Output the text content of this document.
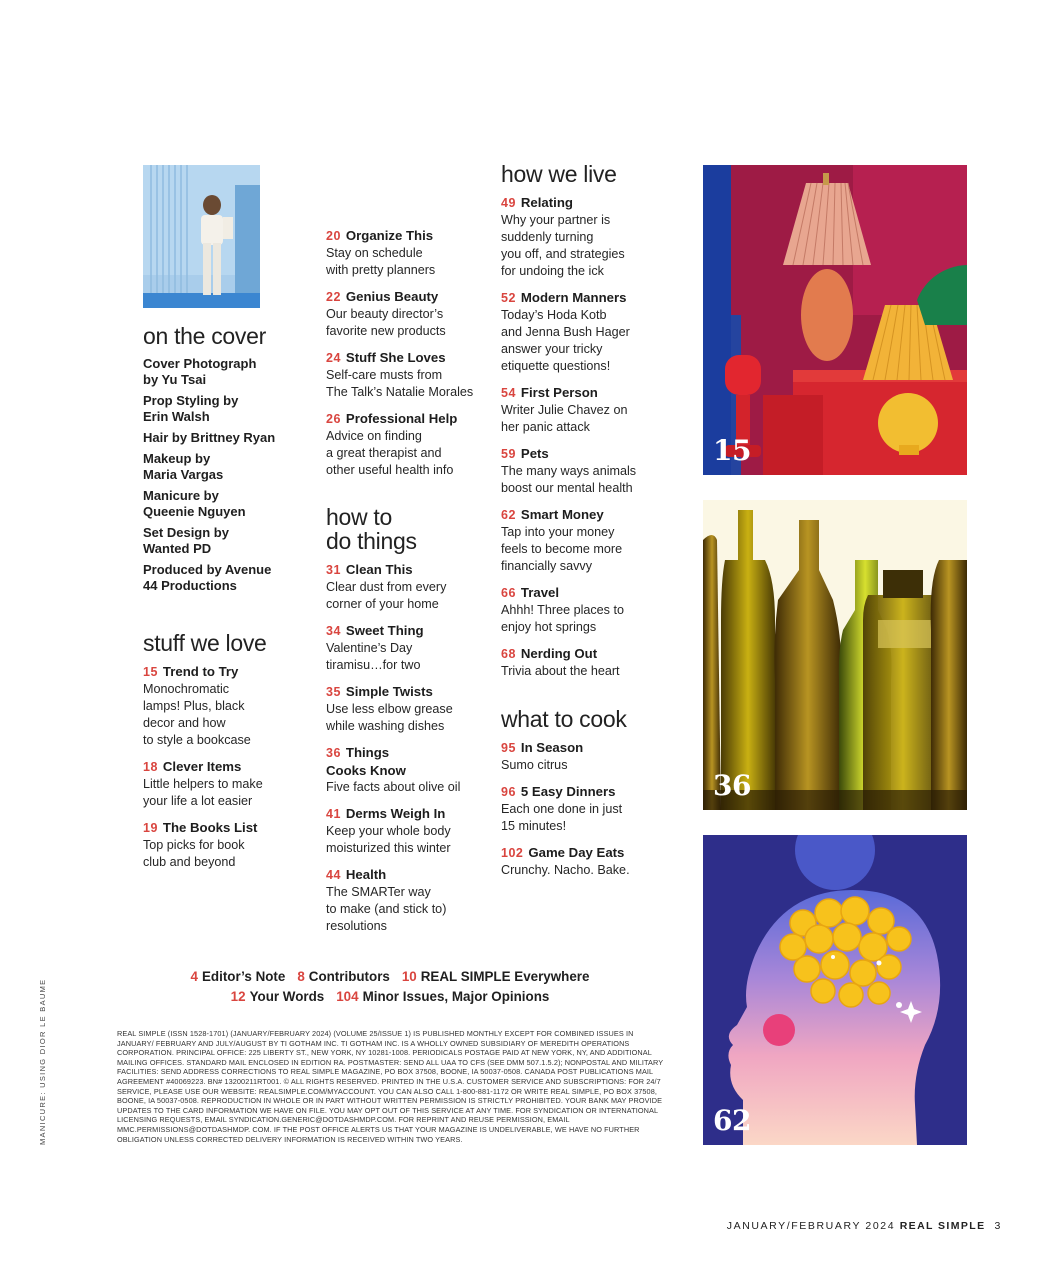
on the cover
Cover Photograph
by Yu Tsai
Prop Styling by
Erin Walsh
Hair by Brittney Ryan
Makeup by
Maria Vargas
Manicure by
Queenie Nguyen
Set Design by
Wanted PD
Produced by Avenue
44 Productions
stuff we love
15 Trend to Try
Monochromatic
lamps! Plus, black
decor and how
to style a bookcase
18 Clever Items
Little helpers to make
your life a lot easier
19 The Books List
Top picks for book
club and beyond
20 Organize This
Stay on schedule
with pretty planners
22 Genius Beauty
Our beauty director’s
favorite new products
24 Stuff She Loves
Self-care musts from
The Talk’s Natalie Morales
26 Professional Help
Advice on finding
a great therapist and
other useful health info
how to
do things
31 Clean This
Clear dust from every
corner of your home
34 Sweet Thing
Valentine’s Day
tiramisu…for two
35 Simple Twists
Use less elbow grease
while washing dishes
36 Things
Cooks Know
Five facts about olive oil
41 Derms Weigh In
Keep your whole body
moisturized this winter
44 Health
The SMARTer way
to make (and stick to)
resolutions
how we live
49 Relating
Why your partner is
suddenly turning
you off, and strategies
for undoing the ick
52 Modern Manners
Today’s Hoda Kotb
and Jenna Bush Hager
answer your tricky
etiquette questions!
54 First Person
Writer Julie Chavez on
her panic attack
59 Pets
The many ways animals
boost our mental health
62 Smart Money
Tap into your money
feels to become more
financially savvy
66 Travel
Ahhh! Three places to
enjoy hot springs
68 Nerding Out
Trivia about the heart
what to cook
95 In Season
Sumo citrus
96 5 Easy Dinners
Each one done in just
15 minutes!
102 Game Day Eats
Crunchy. Nacho. Bake.
15
36
62
4 Editor’s Note 8 Contributors 10 REAL SIMPLE Everywhere
12 Your Words 104 Minor Issues, Major Opinions
REAL SIMPLE (ISSN 1528-1701) (JANUARY/FEBRUARY 2024) (VOLUME 25/ISSUE 1) IS PUBLISHED MONTHLY EXCEPT FOR COMBINED ISSUES IN JANUARY/ FEBRUARY AND JULY/AUGUST BY TI GOTHAM INC. TI GOTHAM INC. IS A WHOLLY OWNED SUBSIDIARY OF MEREDITH OPERATIONS CORPORATION. PRINCIPAL OFFICE: 225 LIBERTY ST., NEW YORK, NY 10281-1008. PERIODICALS POSTAGE PAID AT NEW YORK, NY, AND ADDITIONAL MAILING OFFICES. STANDARD MAIL ENCLOSED IN EDITION RA. POSTMASTER: SEND ALL UAA TO CFS (SEE DMM 507.1.5.2); NONPOSTAL AND MILITARY FACILITIES: SEND ADDRESS CORRECTIONS TO REAL SIMPLE MAGAZINE, PO BOX 37508, BOONE, IA 50037-0508. CANADA POST PUBLICATIONS MAIL AGREEMENT #40069223. BN# 13200211RT001. © ALL RIGHTS RESERVED. PRINTED IN THE U.S.A. CUSTOMER SERVICE AND SUBSCRIPTIONS: FOR 24/7 SERVICE, PLEASE USE OUR WEBSITE: REALSIMPLE.COM/MYACCOUNT. YOU CAN ALSO CALL 1-800-881-1172 OR WRITE REAL SIMPLE, PO BOX 37508, BOONE, IA 50037-0508. REPRODUCTION IN WHOLE OR IN PART WITHOUT WRITTEN PERMISSION IS STRICTLY PROHIBITED. YOUR BANK MAY PROVIDE UPDATES TO THE CARD INFORMATION WE HAVE ON FILE. YOU MAY OPT OUT OF THIS SERVICE AT ANY TIME. FOR SYNDICATION OR INTERNATIONAL LICENSING REQUESTS, EMAIL SYNDICATION.GENERIC@DOTDASHMDP.COM. FOR REPRINT AND REUSE PERMISSION, EMAIL MMC.PERMISSIONS@DOTDASHMDP. COM. IF THE POST OFFICE ALERTS US THAT YOUR MAGAZINE IS UNDELIVERABLE, WE HAVE NO FURTHER OBLIGATION UNLESS CORRECTED DELIVERY INFORMATION IS RECEIVED WITHIN TWO YEARS.
MANICURE: USING DIOR LE BAUME
JANUARY/FEBRUARY 2024 REAL SIMPLE 3
